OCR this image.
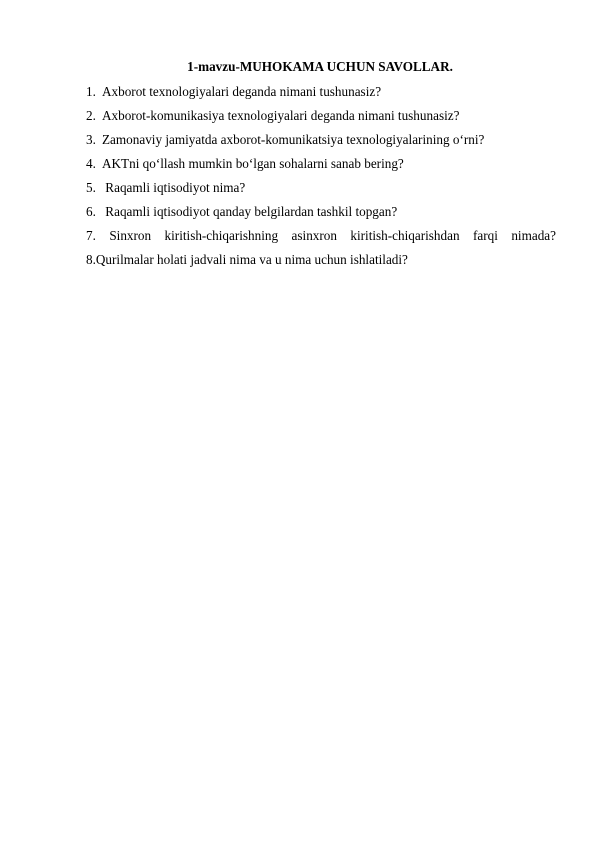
1-mavzu-MUHOKAMA UCHUN SAVOLLAR.
1. Axborot texnologiyalari deganda nimani tushunasiz?
2. Axborot-komunikasiya texnologiyalari deganda nimani tushunasiz?
3. Zamonaviy jamiyatda axborot-komunikatsiya texnologiyalarining o‘rni?
4. AKTni qo‘llash mumkin bo‘lgan sohalarni sanab bering?
5. Raqamli iqtisodiyot nima?
6. Raqamli iqtisodiyot qanday belgilardan tashkil topgan?
7. Sinxron kiritish-chiqarishning asinxron kiritish-chiqarishdan farqi nimada?
8.Qurilmalar holati jadvali nima va u nima uchun ishlatiladi?
